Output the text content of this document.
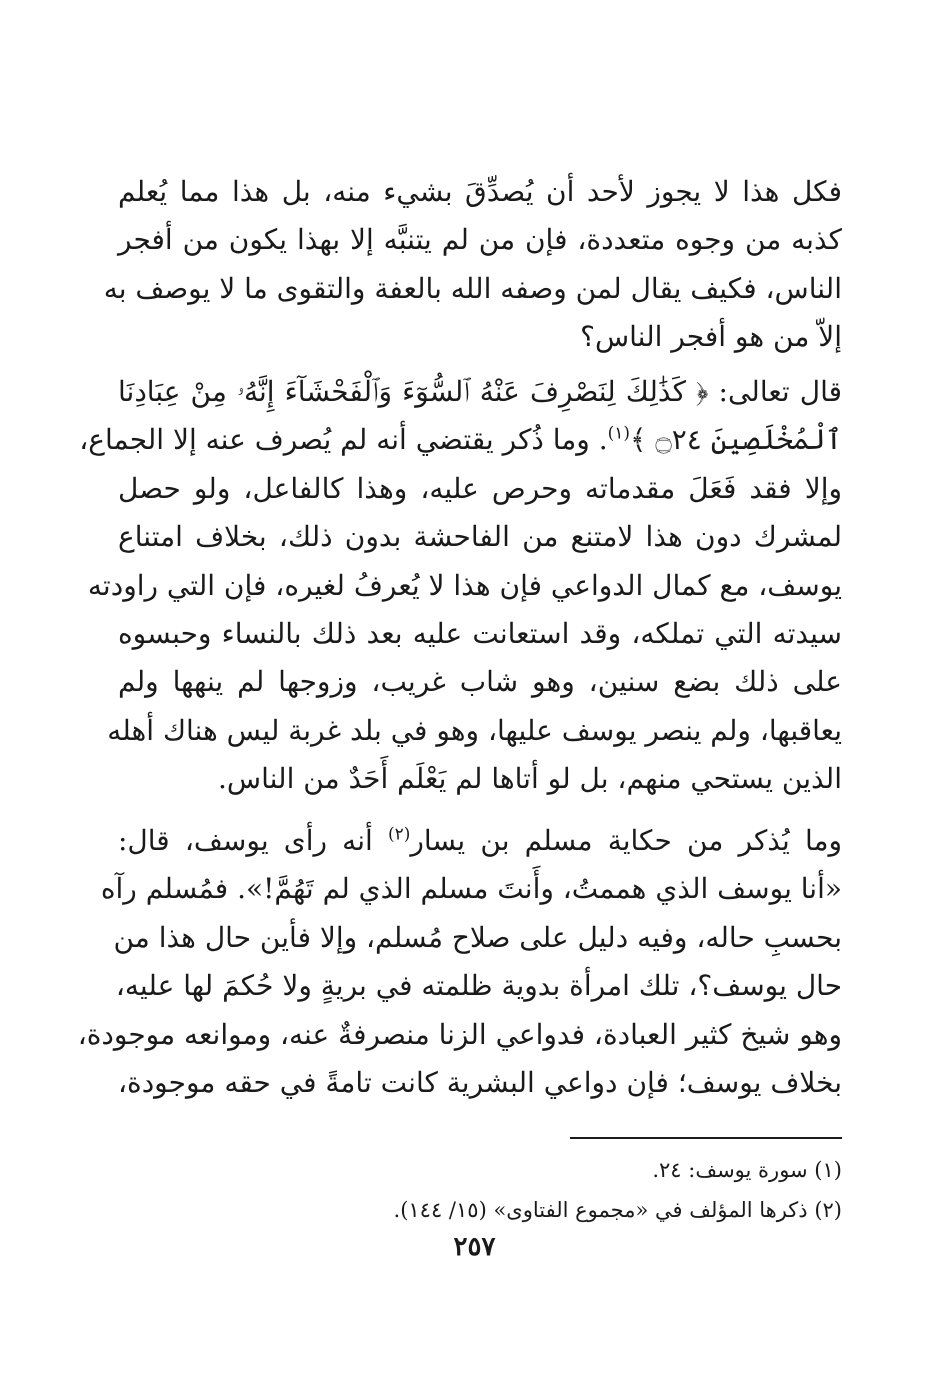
فكل هذا لا يجوز لأحد أن يُصدِّقَ بشيء منه، بل هذا مما يُعلم
كذبه من وجوه متعددة، فإن من لم يتنبَّه إلا بهذا يكون من أفجر
الناس، فكيف يقال لمن وصفه الله بالعفة والتقوى ما لا يوصف به
إلاّ من هو أفجر الناس؟
قال تعالى: ﴿ كَذَٰلِكَ لِنَصْرِفَ عَنْهُ ٱلسُّوٓءَ وَٱلْفَحْشَآءَ إِنَّهُۥ مِنْ عِبَادِنَا
ٱلْمُخْلَصِينَ ۝٢٤ ﴾$^{(١)}$. وما ذُكر يقتضي أنه لم يُصرف عنه إلا الجماع،
وإلا فقد فَعَلَ مقدماته وحرص عليه، وهذا كالفاعل، ولو حصل
لمشرك دون هذا لامتنع من الفاحشة بدون ذلك، بخلاف امتناع
يوسف، مع كمال الدواعي فإن هذا لا يُعرفُ لغيره، فإن التي راودته
سيدته التي تملكه، وقد استعانت عليه بعد ذلك بالنساء وحبسوه
على ذلك بضع سنين، وهو شاب غريب، وزوجها لم ينهها ولم
يعاقبها، ولم ينصر يوسف عليها، وهو في بلد غربة ليس هناك أهله
الذين يستحي منهم، بل لو أتاها لم يَعْلَم أَحَدٌ من الناس.
وما يُذكر من حكاية مسلم بن يسار$^{(٢)}$ أنه رأى يوسف، قال:
«أنا يوسف الذي هممتُ، وأَنتَ مسلم الذي لم تَهُمَّ!». فمُسلم رآه
بحسبِ حاله، وفيه دليل على صلاح مُسلم، وإلا فأين حال هذا من
حال يوسف؟، تلك امرأة بدوية ظلمته في بريةٍ ولا حُكمَ لها عليه،
وهو شيخ كثير العبادة، فدواعي الزنا منصرفةٌ عنه، وموانعه موجودة،
بخلاف يوسف؛ فإن دواعي البشرية كانت تامةً في حقه موجودة،
(١) سورة يوسف: ٢٤.
(٢) ذكرها المؤلف في «مجموع الفتاوى» (١٥/ ١٤٤).
٢٥٧
